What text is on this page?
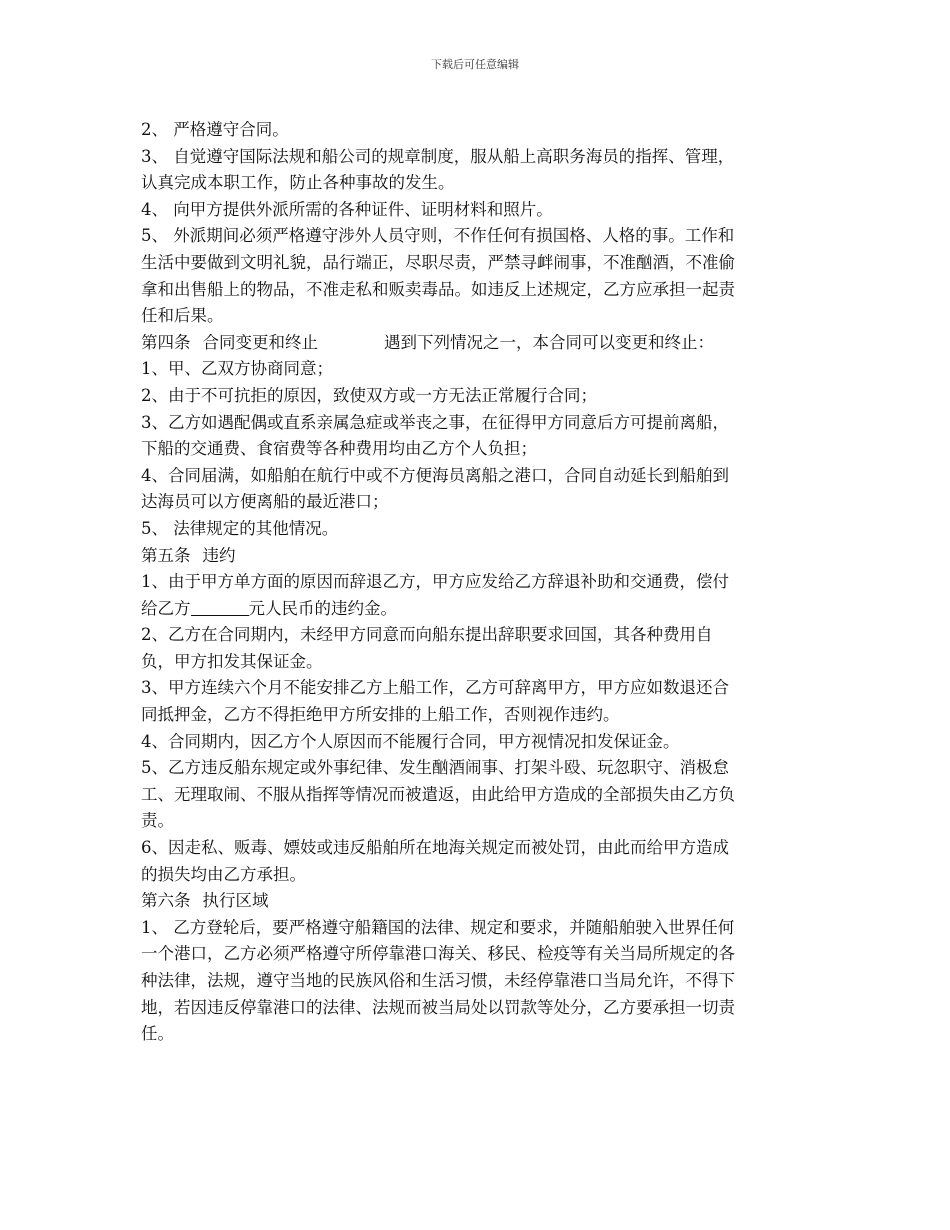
下载后可任意编辑
2、 严格遵守合同。
3、 自觉遵守国际法规和船公司的规章制度，服从船上高职务海员的指挥、管理，
认真完成本职工作，防止各种事故的发生。
4、 向甲方提供外派所需的各种证件、证明材料和照片。
5、 外派期间必须严格遵守涉外人员守则，不作任何有损国格、人格的事。工作和
生活中要做到文明礼貌，品行端正，尽职尽责，严禁寻衅闹事，不准酗酒，不准偷
拿和出售船上的物品，不准走私和贩卖毒品。如违反上述规定，乙方应承担一起责
任和后果。
第四条 合同变更和终止	遇到下列情况之一，本合同可以变更和终止：
1、甲、乙双方协商同意；
2、由于不可抗拒的原因，致使双方或一方无法正常履行合同；
3、乙方如遇配偶或直系亲属急症或举丧之事，在征得甲方同意后方可提前离船，
下船的交通费、食宿费等各种费用均由乙方个人负担；
4、合同届满，如船舶在航行中或不方便海员离船之港口，合同自动延长到船舶到
达海员可以方便离船的最近港口；
5、 法律规定的其他情况。
第五条 违约
1、由于甲方单方面的原因而辞退乙方，甲方应发给乙方辞退补助和交通费，偿付
给乙方	元人民币的违约金。
2、乙方在合同期内，未经甲方同意而向船东提出辞职要求回国，其各种费用自
负，甲方扣发其保证金。
3、甲方连续六个月不能安排乙方上船工作，乙方可辞离甲方，甲方应如数退还合
同抵押金，乙方不得拒绝甲方所安排的上船工作，否则视作违约。
4、合同期内，因乙方个人原因而不能履行合同，甲方视情况扣发保证金。
5、乙方违反船东规定或外事纪律、发生酗酒闹事、打架斗殴、玩忽职守、消极怠
工、无理取闹、不服从指挥等情况而被遣返，由此给甲方造成的全部损失由乙方负
责。
6、因走私、贩毒、嫖妓或违反船舶所在地海关规定而被处罚，由此而给甲方造成
的损失均由乙方承担。
第六条 执行区域
1、 乙方登轮后，要严格遵守船籍国的法律、规定和要求，并随船舶驶入世界任何
一个港口，乙方必须严格遵守所停靠港口海关、移民、检疫等有关当局所规定的各
种法律，法规，遵守当地的民族风俗和生活习惯，未经停靠港口当局允许，不得下
地，若因违反停靠港口的法律、法规而被当局处以罚款等处分，乙方要承担一切责
任。
